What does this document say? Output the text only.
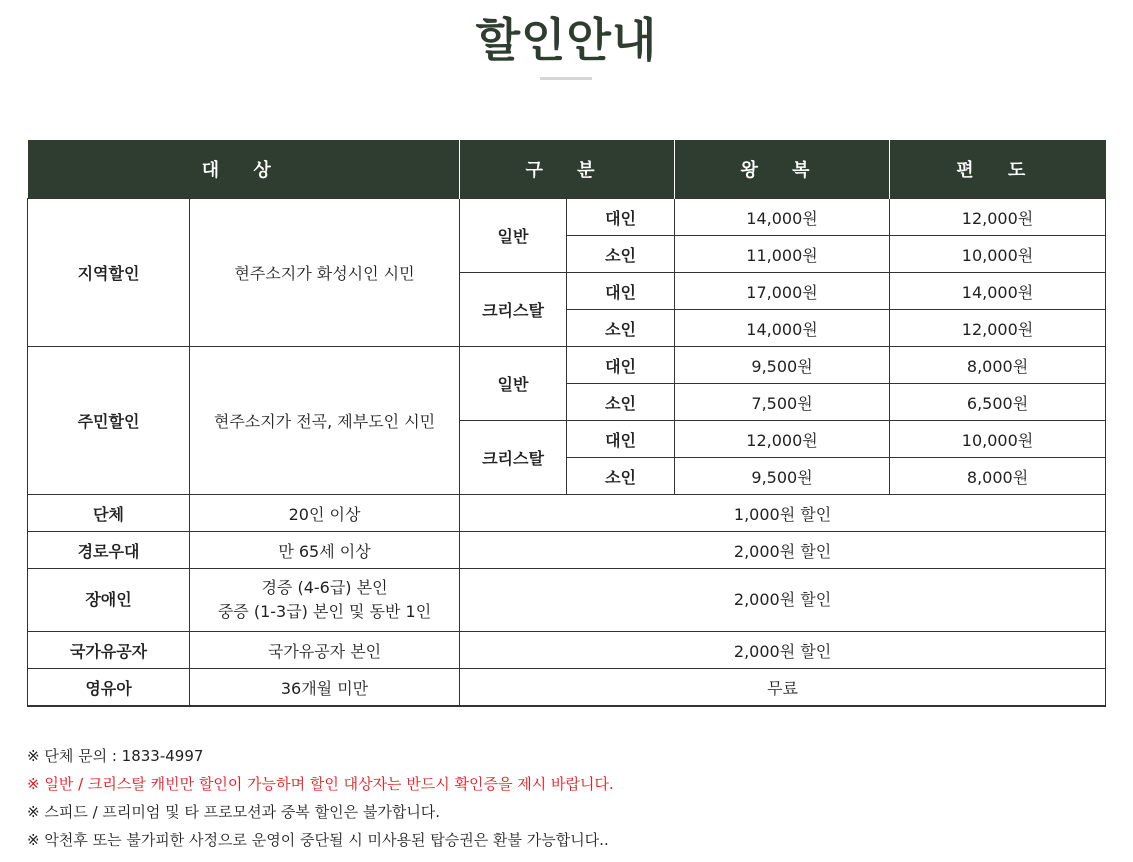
할인안내
대 상		구 분		왕 복	편 도
지역할인	현주소지가 화성시인 시민	일반	대인	14,000원	12,000원
			소인	11,000원	10,000원
		크리스탈	대인	17,000원	14,000원
			소인	14,000원	12,000원
주민할인	현주소지가 전곡, 제부도인 시민	일반	대인	9,500원	8,000원
			소인	7,500원	6,500원
		크리스탈	대인	12,000원	10,000원
			소인	9,500원	8,000원
단체	20인 이상	1,000원 할인			
경로우대	만 65세 이상	2,000원 할인			
장애인	경증 (4-6급) 본인
중증 (1-3급) 본인 및 동반 1인	2,000원 할인			
국가유공자	국가유공자 본인	2,000원 할인			
영유아	36개월 미만	무료			
※ 단체 문의 : 1833-4997
※ 일반 / 크리스탈 캐빈만 할인이 가능하며 할인 대상자는 반드시 확인증을 제시 바랍니다.
※ 스피드 / 프리미엄 및 타 프로모션과 중복 할인은 불가합니다.
※ 악천후 또는 불가피한 사정으로 운영이 중단될 시 미사용된 탑승권은 환불 가능합니다..
